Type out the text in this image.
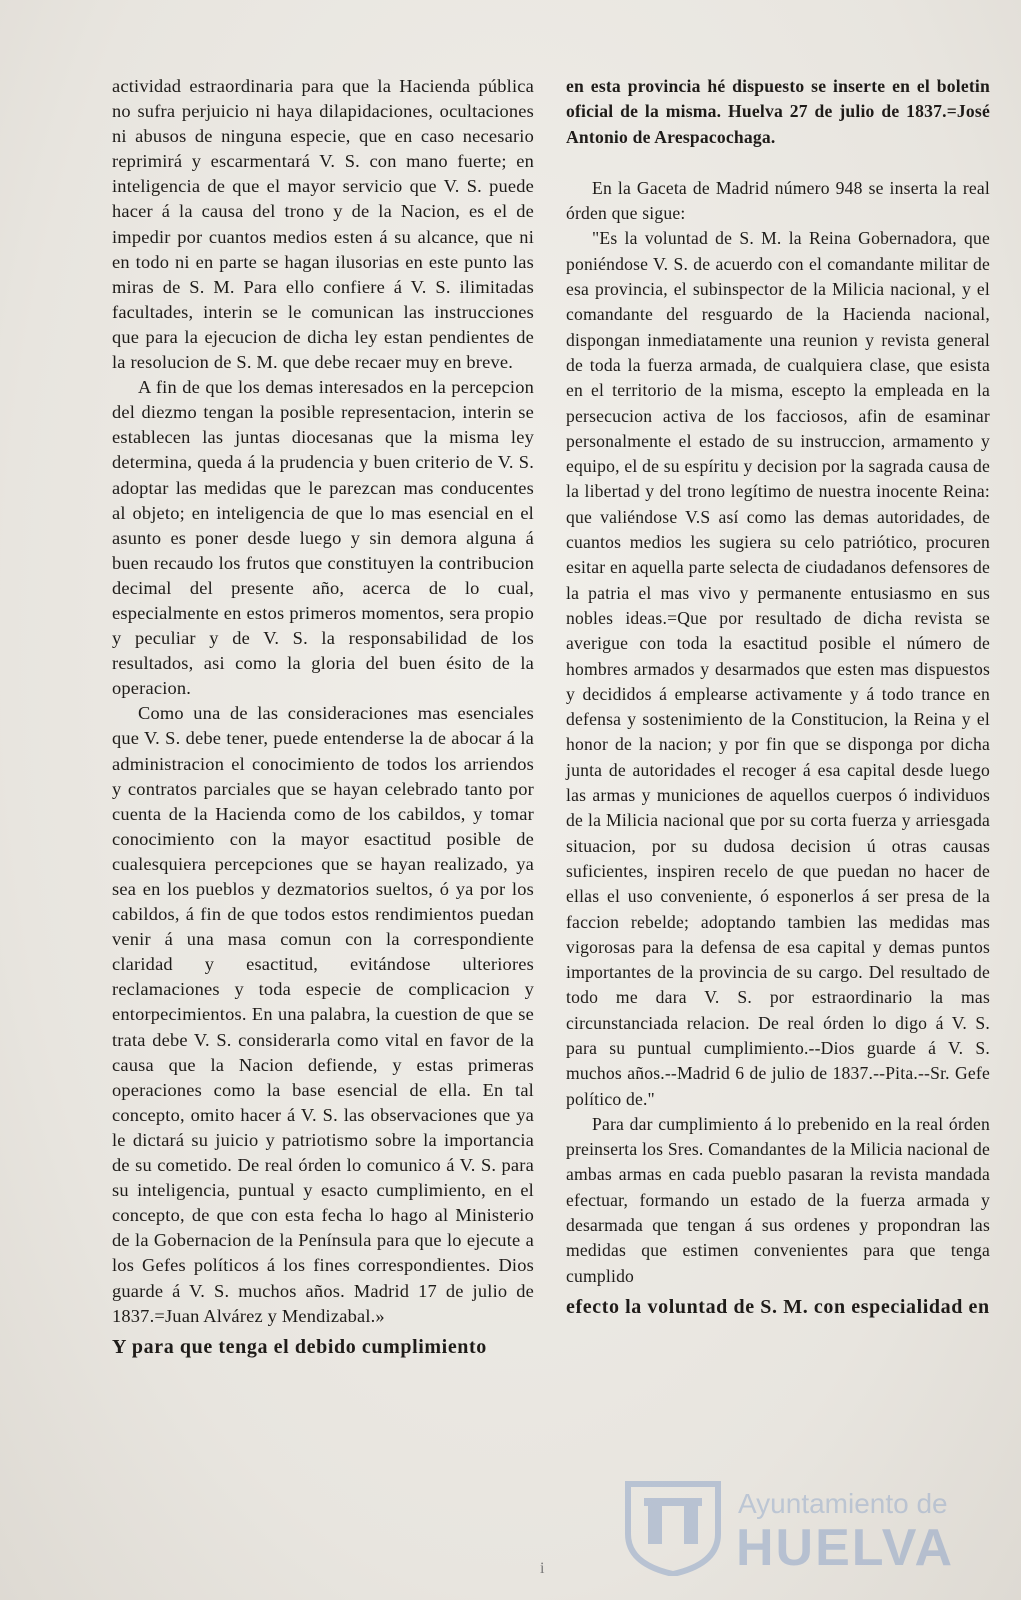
actividad estraordinaria para que la Hacienda pública no sufra perjuicio ni haya dilapidaciones, ocultaciones ni abusos de ninguna especie, que en caso necesario reprimirá y escarmentará V. S. con mano fuerte; en inteligencia de que el mayor servicio que V. S. puede hacer á la causa del trono y de la Nacion, es el de impedir por cuantos medios esten á su alcance, que ni en todo ni en parte se hagan ilusorias en este punto las miras de S. M. Para ello confiere á V. S. ilimitadas facultades, interin se le comunican las instrucciones que para la ejecucion de dicha ley estan pendientes de la resolucion de S. M. que debe recaer muy en breve.

A fin de que los demas interesados en la percepcion del diezmo tengan la posible representacion, interin se establecen las juntas diocesanas que la misma ley determina, queda á la prudencia y buen criterio de V. S. adoptar las medidas que le parezcan mas conducentes al objeto; en inteligencia de que lo mas esencial en el asunto es poner desde luego y sin demora alguna á buen recaudo los frutos que constituyen la contribucion decimal del presente año, acerca de lo cual, especialmente en estos primeros momentos, sera propio y peculiar y de V. S. la responsabilidad de los resultados, asi como la gloria del buen ésito de la operacion.

Como una de las consideraciones mas esenciales que V. S. debe tener, puede entenderse la de abocar á la administracion el conocimiento de todos los arriendos y contratos parciales que se hayan celebrado tanto por cuenta de la Hacienda como de los cabildos, y tomar conocimiento con la mayor esactitud posible de cualesquiera percepciones que se hayan realizado, ya sea en los pueblos y dezmatorios sueltos, ó ya por los cabildos, á fin de que todos estos rendimientos puedan venir á una masa comun con la correspondiente claridad y esactitud, evitándose ulteriores reclamaciones y toda especie de complicacion y entorpecimientos. En una palabra, la cuestion de que se trata debe V. S. considerarla como vital en favor de la causa que la Nacion defiende, y estas primeras operaciones como la base esencial de ella. En tal concepto, omito hacer á V. S. las observaciones que ya le dictará su juicio y patriotismo sobre la importancia de su cometido. De real órden lo comunico á V. S. para su inteligencia, puntual y esacto cumplimiento, en el concepto, de que con esta fecha lo hago al Ministerio de la Gobernacion de la Península para que lo ejecute a los Gefes políticos á los fines correspondientes. Dios guarde á V. S. muchos años. Madrid 17 de julio de 1837.=Juan Alvárez y Mendizabal.»

Y para que tenga el debido cumplimiento

en esta provincia hé dispuesto se inserte en el boletin oficial de la misma. Huelva 27 de julio de 1837.=José Antonio de Arespacochaga.

En la Gaceta de Madrid número 948 se inserta la real órden que sigue:

"Es la voluntad de S. M. la Reina Gobernadora, que poniéndose V. S. de acuerdo con el comandante militar de esa provincia, el subinspector de la Milicia nacional, y el comandante del resguardo de la Hacienda nacional, dispongan inmediatamente una reunion y revista general de toda la fuerza armada, de cualquiera clase, que esista en el territorio de la misma, escepto la empleada en la persecucion activa de los facciosos, afin de esaminar personalmente el estado de su instruccion, armamento y equipo, el de su espíritu y decision por la sagrada causa de la libertad y del trono legítimo de nuestra inocente Reina: que valiéndose V.S así como las demas autoridades, de cuantos medios les sugiera su celo patriótico, procuren esitar en aquella parte selecta de ciudadanos defensores de la patria el mas vivo y permanente entusiasmo en sus nobles ideas.=Que por resultado de dicha revista se averigue con toda la esactitud posible el número de hombres armados y desarmados que esten mas dispuestos y decididos á emplearse activamente y á todo trance en defensa y sostenimiento de la Constitucion, la Reina y el honor de la nacion; y por fin que se disponga por dicha junta de autoridades el recoger á esa capital desde luego las armas y municiones de aquellos cuerpos ó individuos de la Milicia nacional que por su corta fuerza y arriesgada situacion, por su dudosa decision ú otras causas suficientes, inspiren recelo de que puedan no hacer de ellas el uso conveniente, ó esponerlos á ser presa de la faccion rebelde; adoptando tambien las medidas mas vigorosas para la defensa de esa capital y demas puntos importantes de la provincia de su cargo. Del resultado de todo me dara V. S. por estraordinario la mas circunstanciada relacion. De real órden lo digo á V. S. para su puntual cumplimiento.--Dios guarde á V. S. muchos años.--Madrid 6 de julio de 1837.--Pita.--Sr. Gefe político de."

Para dar cumplimiento á lo prebenido en la real órden preinserta los Sres. Comandantes de la Milicia nacional de ambas armas en cada pueblo pasaran la revista mandada efectuar, formando un estado de la fuerza armada y desarmada que tengan á sus ordenes y propondran las medidas que estimen convenientes para que tenga cumplido

efecto la voluntad de S. M. con especialidad en
i
Ayuntamiento de
HUELVA
